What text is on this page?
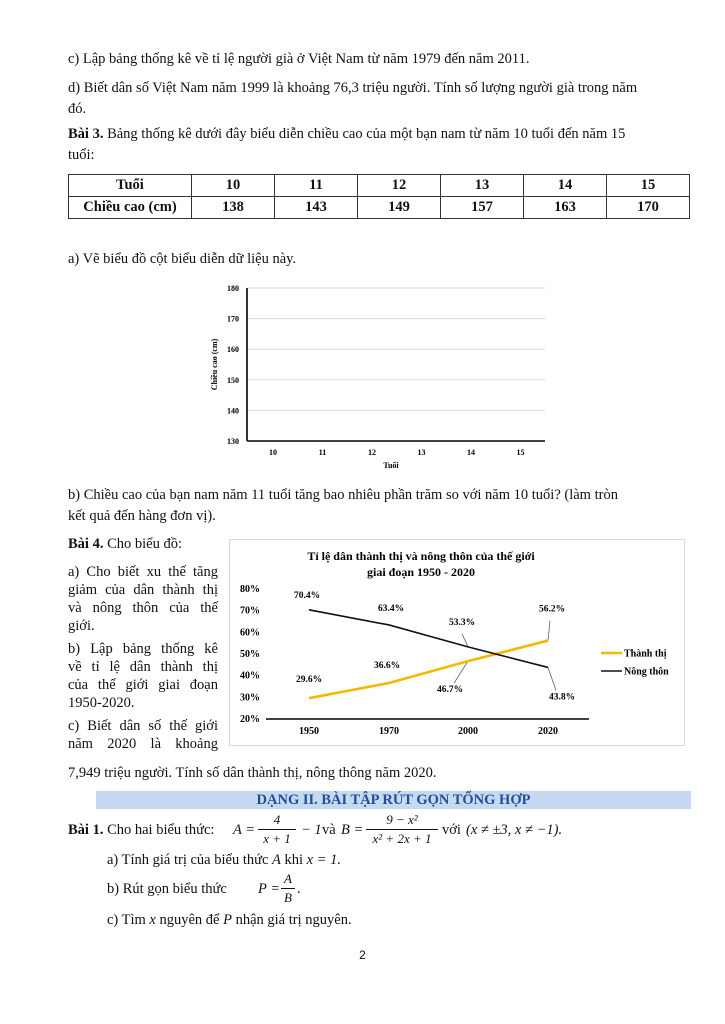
c) Lập bảng thống kê về tỉ lệ người già ở Việt Nam từ năm 1979 đến năm 2011.
d) Biết dân số Việt Nam năm 1999 là khoảng 76,3 triệu người. Tính số lượng người già trong năm
đó.
Bài 3. Bảng thống kê dưới đây biểu diễn chiều cao của một bạn nam từ năm 10 tuổi đến năm 15
tuổi:
Tuổi	10	11	12	13	14	15
Chiều cao (cm)	138	143	149	157	163	170
a) Vẽ biểu đồ cột biểu diễn dữ liệu này.
130
140
150
160
170
180
10	11	12	13	14	15
Tuổi
Chiều cao (cm)
b) Chiều cao của bạn nam năm 11 tuổi tăng bao nhiêu phần trăm so với năm 10 tuổi? (làm tròn
kết quả đến hàng đơn vị).
Bài 4. Cho biểu đồ:
a) Cho biết xu thế tăng
giảm của dân thành thị
và nông thôn của thế
giới.
b) Lập bảng thống kê
về tỉ lệ dân thành thị
của thế giới giai đoạn
1950-2020.
c) Biết dân số thế giới
năm 2020 là khoảng
7,949 triệu người. Tính số dân thành thị, nông thông năm 2020.
Tỉ lệ dân thành thị và nông thôn của thế giới
giai đoạn 1950 - 2020
20%
30%
40%
50%
60%
70%
80%
1950	1970	2000	2020
29.6%
36.6%
46.7%
56.2%
70.4%
63.4%
53.3%
43.8%
Thành thị
Nông thôn
DẠNG II. BÀI TẬP RÚT GỌN TỔNG HỢP
Bài 1. Cho hai biểu thức: A =
4
x + 1
− 1 và B =
9 − x²
x² + 2x + 1
với (x ≠ ±3, x ≠ −1).
a) Tính giá trị của biểu thức A khi x = 1.
b) Rút gọn biểu thức P =
A
B
.
c) Tìm x nguyên để P nhận giá trị nguyên.
2
